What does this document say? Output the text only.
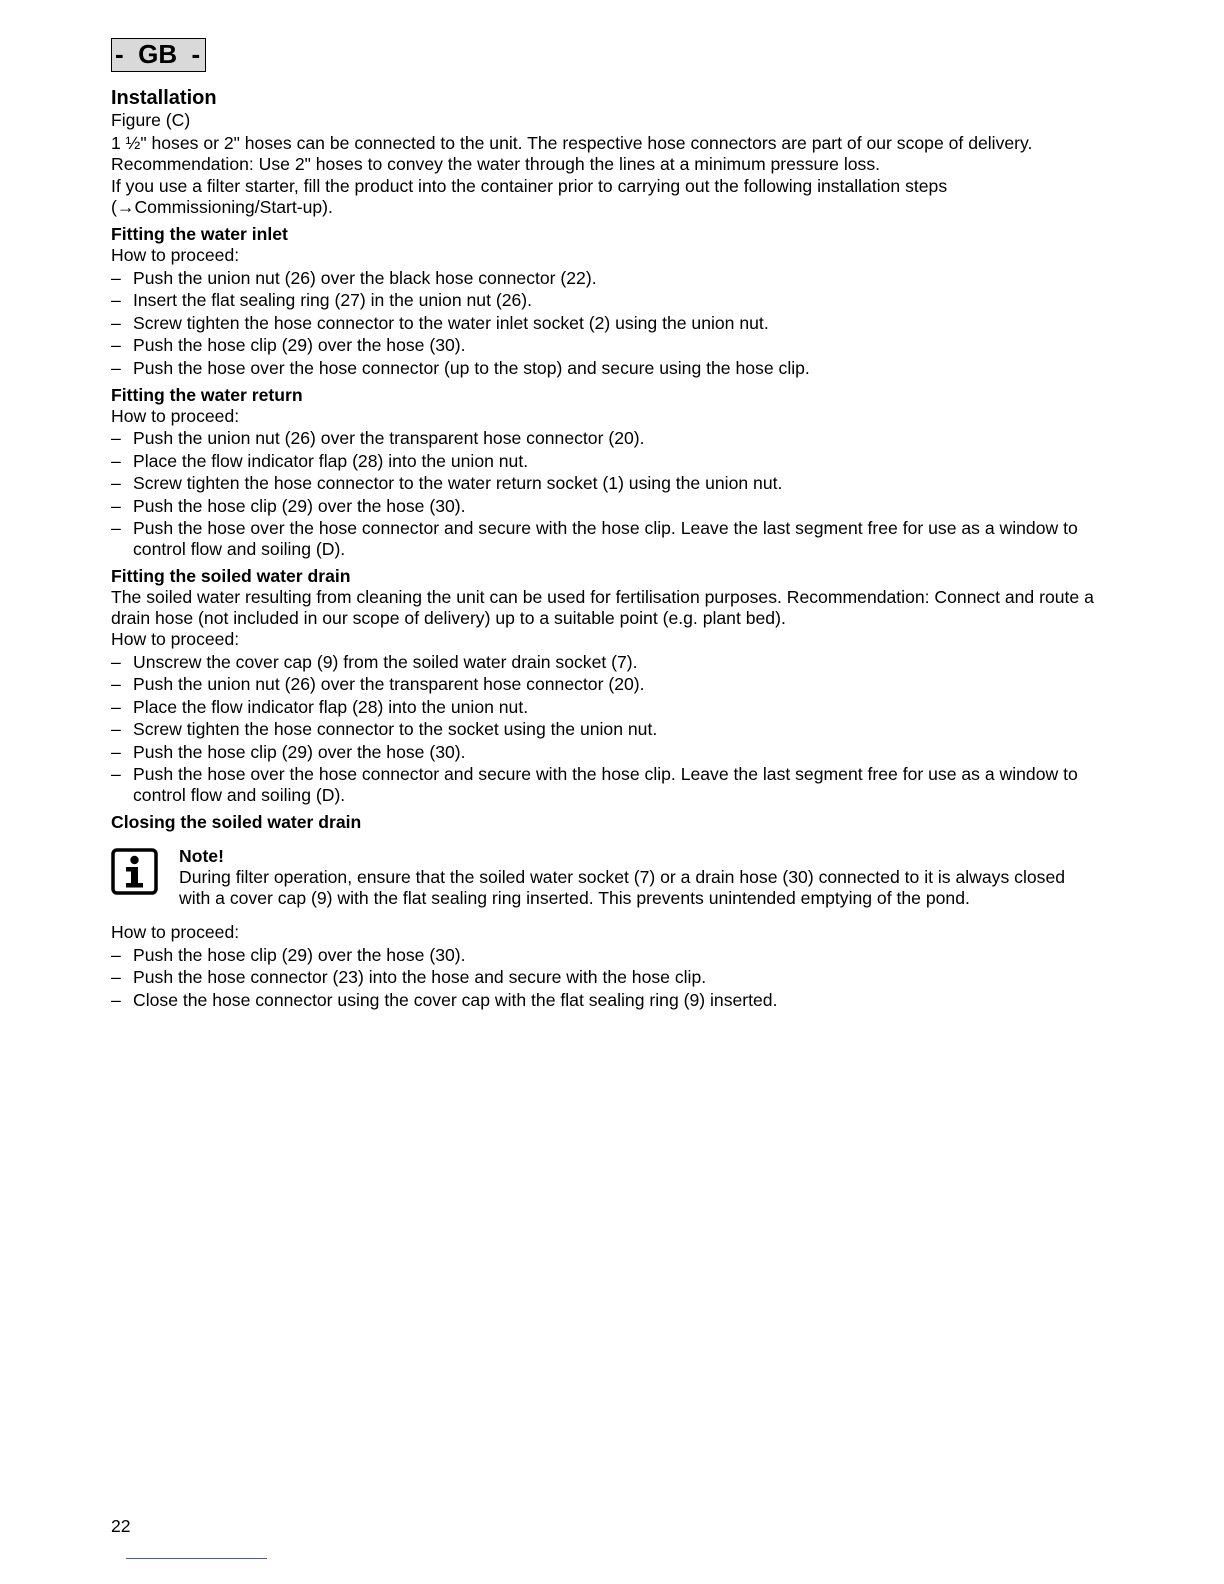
-  GB  -
Installation

Figure (C)

1 ½" hoses or 2" hoses can be connected to the unit. The respective hose connectors are part of our scope of delivery. Recommendation: Use 2" hoses to convey the water through the lines at a minimum pressure loss.

If you use a filter starter, fill the product into the container prior to carrying out the following installation steps (→Commissioning/Start-up).

Fitting the water inlet

How to proceed:

– Push the union nut (26) over the black hose connector (22).
– Insert the flat sealing ring (27) in the union nut (26).
– Screw tighten the hose connector to the water inlet socket (2) using the union nut.
– Push the hose clip (29) over the hose (30).
– Push the hose over the hose connector (up to the stop) and secure using the hose clip.

Fitting the water return

How to proceed:

– Push the union nut (26) over the transparent hose connector (20).
– Place the flow indicator flap (28) into the union nut.
– Screw tighten the hose connector to the water return socket (1) using the union nut.
– Push the hose clip (29) over the hose (30).
– Push the hose over the hose connector and secure with the hose clip. Leave the last segment free for use as a window to control flow and soiling (D).

Fitting the soiled water drain

The soiled water resulting from cleaning the unit can be used for fertilisation purposes. Recommendation: Connect and route a drain hose (not included in our scope of delivery) up to a suitable point (e.g. plant bed).

How to proceed:

– Unscrew the cover cap (9) from the soiled water drain socket (7).
– Push the union nut (26) over the transparent hose connector (20).
– Place the flow indicator flap (28) into the union nut.
– Screw tighten the hose connector to the socket using the union nut.
– Push the hose clip (29) over the hose (30).
– Push the hose over the hose connector and secure with the hose clip. Leave the last segment free for use as a window to control flow and soiling (D).

Closing the soiled water drain

Note!

During filter operation, ensure that the soiled water socket (7) or a drain hose (30) connected to it is always closed with a cover cap (9) with the flat sealing ring inserted. This prevents unintended emptying of the pond.

How to proceed:

– Push the hose clip (29) over the hose (30).
– Push the hose connector (23) into the hose and secure with the hose clip.
– Close the hose connector using the cover cap with the flat sealing ring (9) inserted.
22
